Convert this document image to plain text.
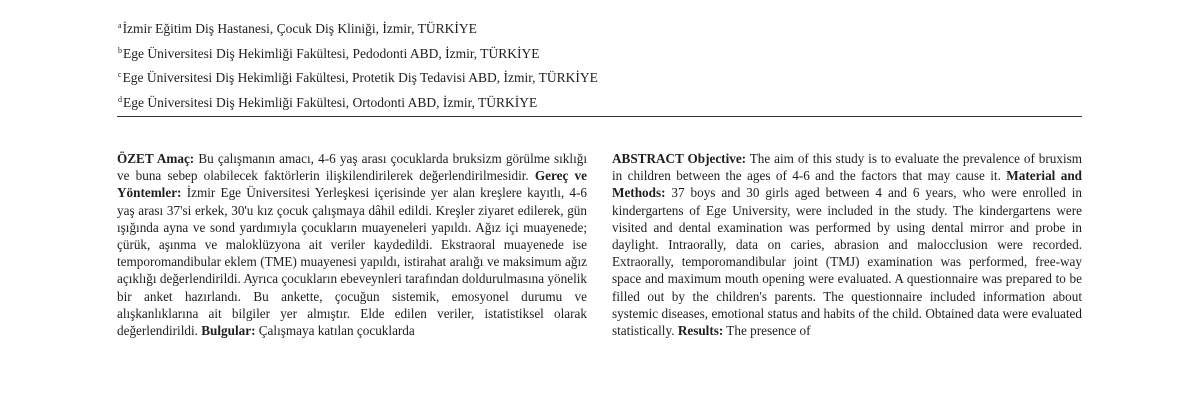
$^a$İzmir Eğitim Diş Hastanesi, Çocuk Diş Kliniği, İzmir, TÜRKİYE
$^b$Ege Üniversitesi Diş Hekimliği Fakültesi, Pedodonti ABD, İzmir, TÜRKİYE
$^c$Ege Üniversitesi Diş Hekimliği Fakültesi, Protetik Diş Tedavisi ABD, İzmir, TÜRKİYE
$^d$Ege Üniversitesi Diş Hekimliği Fakültesi, Ortodonti ABD, İzmir, TÜRKİYE

ÖZET Amaç: Bu çalışmanın amacı, 4-6 yaş arası çocuklarda bruksizm görülme sıklığı ve buna sebep olabilecek faktörlerin ilişkilendirilerek değerlendirilmesidir. Gereç ve Yöntemler: İzmir Ege Üniversitesi Yerleşkesi içerisinde yer alan kreşlere kayıtlı, 4-6 yaş arası 37'si erkek, 30'u kız çocuk çalışmaya dâhil edildi. Kreşler ziyaret edilerek, gün ışığında ayna ve sond yardımıyla çocukların muayeneleri yapıldı. Ağız içi muayenede; çürük, aşınma ve maloklüzyona ait veriler kaydedildi. Ekstraoral muayenede ise temporomandibular eklem (TME) muayenesi yapıldı, istirahat aralığı ve maksimum ağız açıklığı değerlendirildi. Ayrıca çocukların ebeveynleri tarafından doldurulmasına yönelik bir anket hazırlandı. Bu ankette, çocuğun sistemik, emosyonel durumu ve alışkanlıklarına ait bilgiler yer almıştır. Elde edilen veriler, istatistiksel olarak değerlendirildi. Bulgular: Çalışmaya katılan çocuklarda

ABSTRACT Objective: The aim of this study is to evaluate the prevalence of bruxism in children between the ages of 4-6 and the factors that may cause it. Material and Methods: 37 boys and 30 girls aged between 4 and 6 years, who were enrolled in kindergartens of Ege University, were included in the study. The kindergartens were visited and dental examination was performed by using dental mirror and probe in daylight. Intraorally, data on caries, abrasion and malocclusion were recorded. Extraorally, temporomandibular joint (TMJ) examination was performed, free-way space and maximum mouth opening were evaluated. A questionnaire was prepared to be filled out by the children's parents. The questionnaire included information about systemic diseases, emotional status and habits of the child. Obtained data were evaluated statistically. Results: The presence of
